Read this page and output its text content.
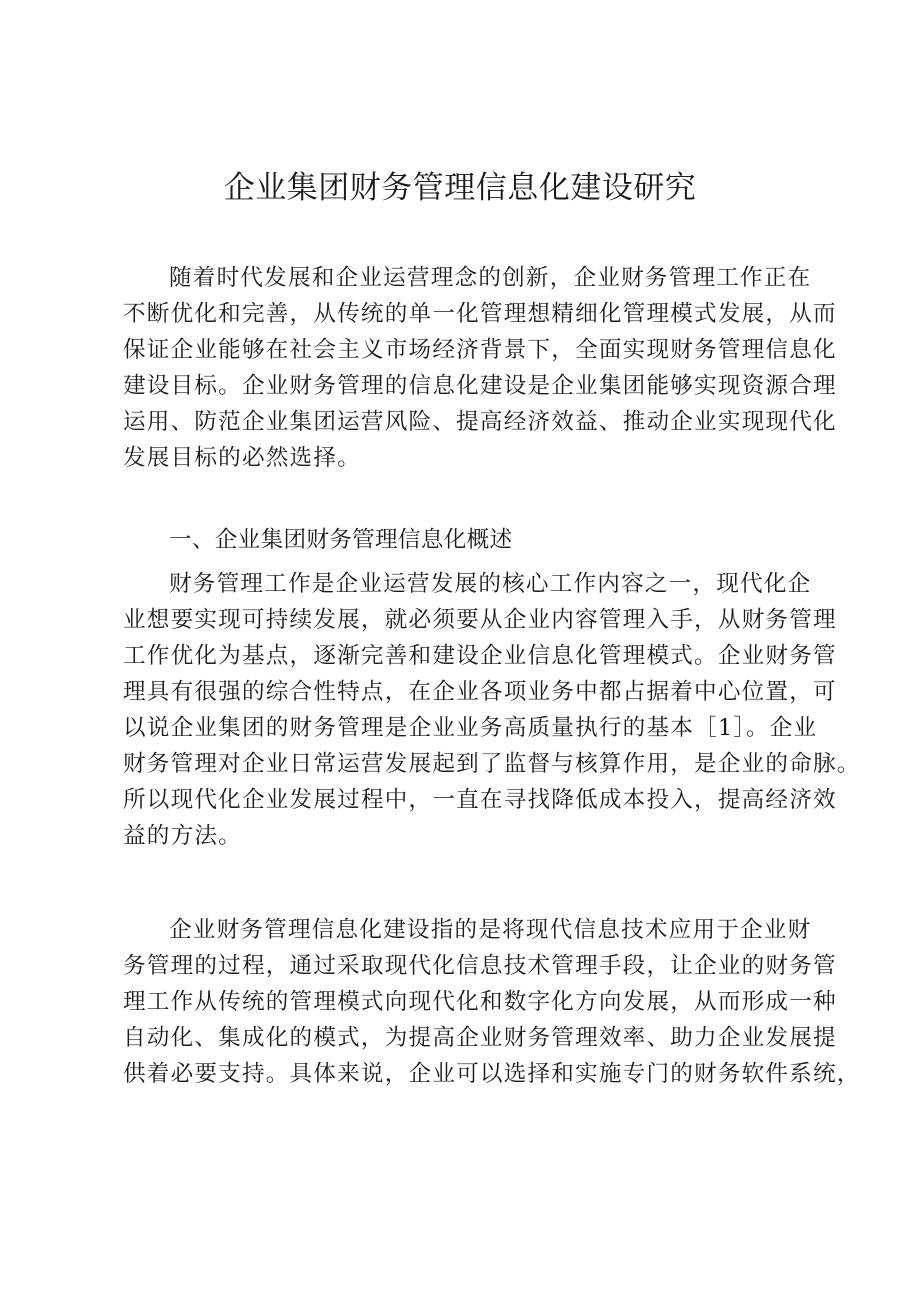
企业集团财务管理信息化建设研究
随着时代发展和企业运营理念的创新，企业财务管理工作正在
不断优化和完善，从传统的单一化管理想精细化管理模式发展，从而
保证企业能够在社会主义市场经济背景下，全面实现财务管理信息化
建设目标。企业财务管理的信息化建设是企业集团能够实现资源合理
运用、防范企业集团运营风险、提高经济效益、推动企业实现现代化
发展目标的必然选择。
一、企业集团财务管理信息化概述
财务管理工作是企业运营发展的核心工作内容之一，现代化企
业想要实现可持续发展，就必须要从企业内容管理入手，从财务管理
工作优化为基点，逐渐完善和建设企业信息化管理模式。企业财务管
理具有很强的综合性特点，在企业各项业务中都占据着中心位置，可
以说企业集团的财务管理是企业业务高质量执行的基本［1］。企业
财务管理对企业日常运营发展起到了监督与核算作用，是企业的命脉。
所以现代化企业发展过程中，一直在寻找降低成本投入，提高经济效
益的方法。
企业财务管理信息化建设指的是将现代信息技术应用于企业财
务管理的过程，通过采取现代化信息技术管理手段，让企业的财务管
理工作从传统的管理模式向现代化和数字化方向发展，从而形成一种
自动化、集成化的模式，为提高企业财务管理效率、助力企业发展提
供着必要支持。具体来说，企业可以选择和实施专门的财务软件系统，
